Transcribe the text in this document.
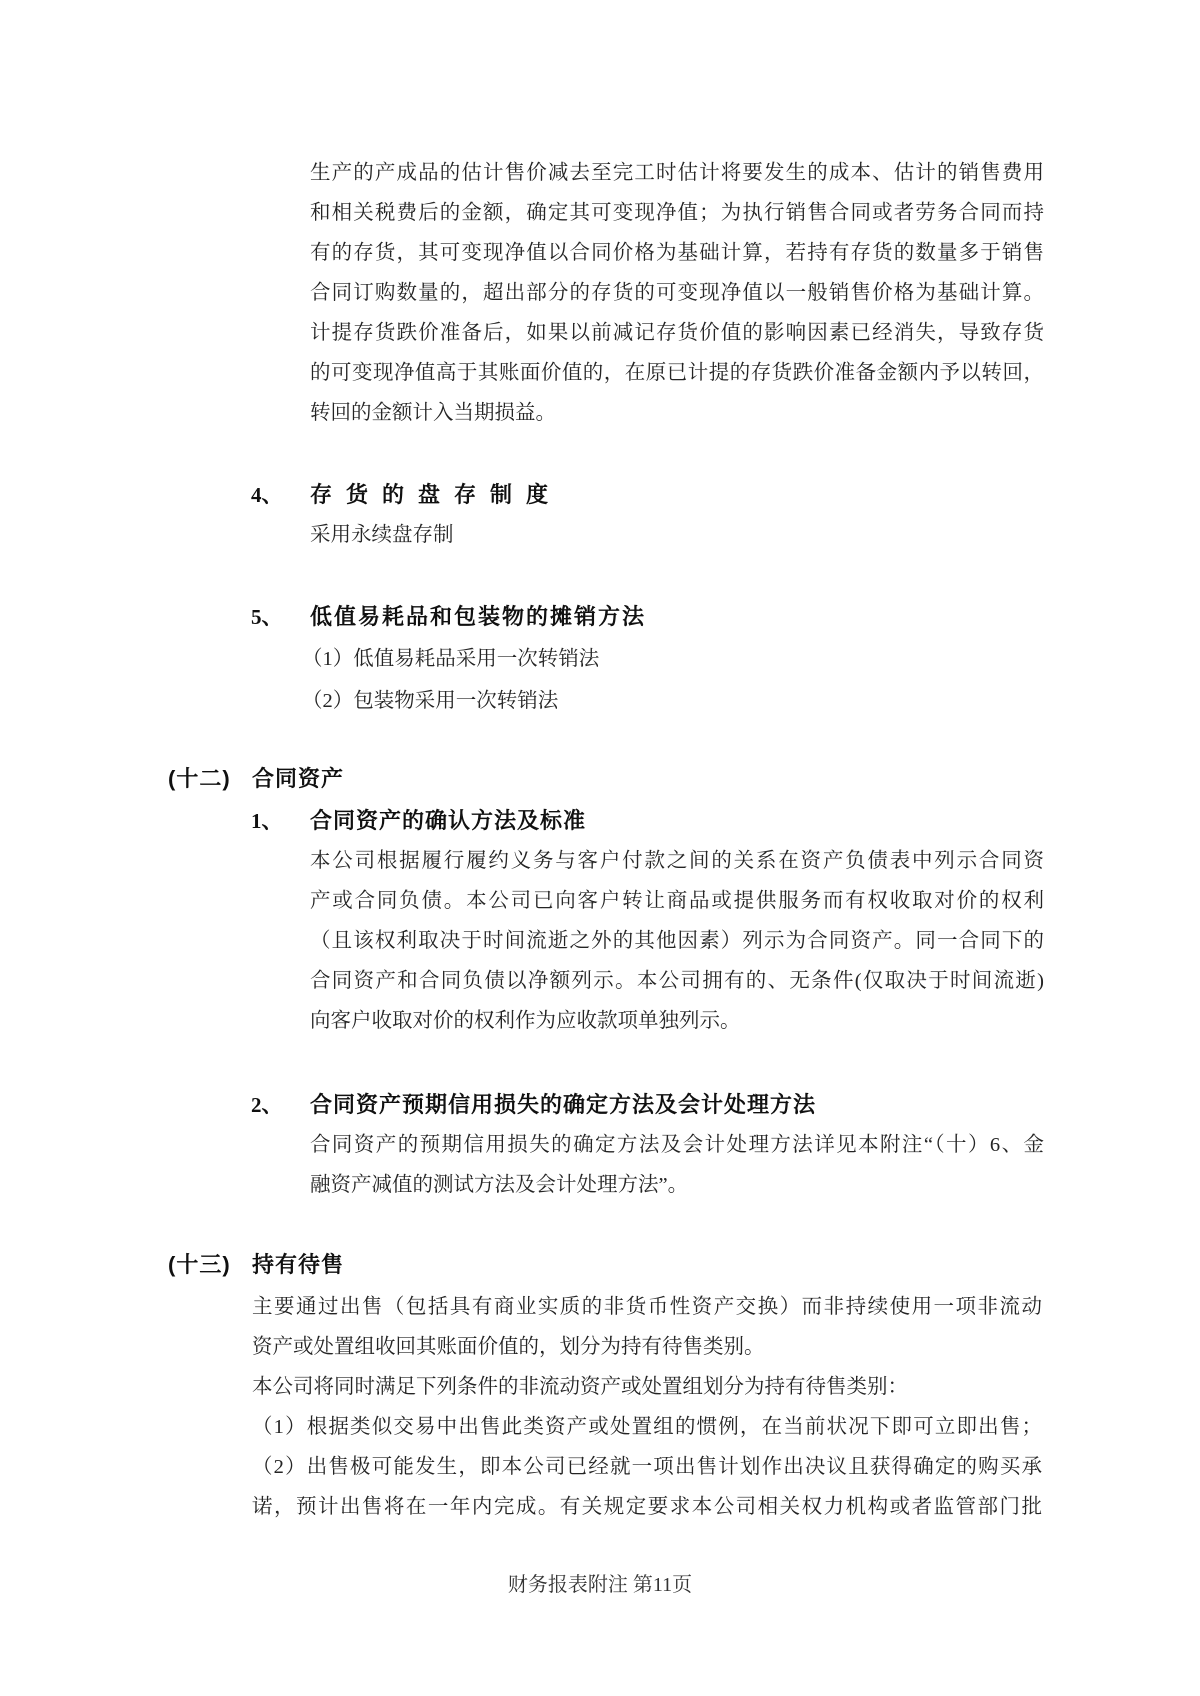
生产的产成品的估计售价减去至完工时估计将要发生的成本、估计的销售费用
和相关税费后的金额，确定其可变现净值；为执行销售合同或者劳务合同而持
有的存货，其可变现净值以合同价格为基础计算，若持有存货的数量多于销售
合同订购数量的，超出部分的存货的可变现净值以一般销售价格为基础计算。
计提存货跌价准备后，如果以前减记存货价值的影响因素已经消失，导致存货
的可变现净值高于其账面价值的，在原已计提的存货跌价准备金额内予以转回，
转回的金额计入当期损益。
4、 存货的盘存制度
采用永续盘存制
5、 低值易耗品和包装物的摊销方法
（1）低值易耗品采用一次转销法
（2）包装物采用一次转销法
(十二) 合同资产
1、 合同资产的确认方法及标准
本公司根据履行履约义务与客户付款之间的关系在资产负债表中列示合同资
产或合同负债。本公司已向客户转让商品或提供服务而有权收取对价的权利
（且该权利取决于时间流逝之外的其他因素）列示为合同资产。同一合同下的
合同资产和合同负债以净额列示。本公司拥有的、无条件(仅取决于时间流逝)
向客户收取对价的权利作为应收款项单独列示。
2、 合同资产预期信用损失的确定方法及会计处理方法
合同资产的预期信用损失的确定方法及会计处理方法详见本附注“（十）6、金
融资产减值的测试方法及会计处理方法”。
(十三) 持有待售
主要通过出售（包括具有商业实质的非货币性资产交换）而非持续使用一项非流动
资产或处置组收回其账面价值的，划分为持有待售类别。
本公司将同时满足下列条件的非流动资产或处置组划分为持有待售类别：
（1）根据类似交易中出售此类资产或处置组的惯例，在当前状况下即可立即出售；
（2）出售极可能发生，即本公司已经就一项出售计划作出决议且获得确定的购买承
诺，预计出售将在一年内完成。有关规定要求本公司相关权力机构或者监管部门批
财务报表附注 第11页
